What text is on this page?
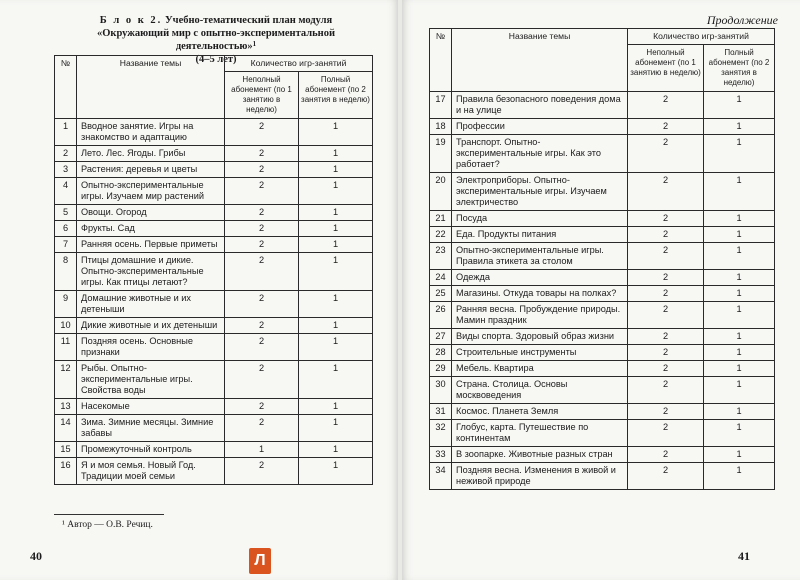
Б л о к 2. Учебно-тематический план модуля
«Окружающий мир с опытно-экспериментальной деятельностью»$^1$
(4–5 лет)
№	Название темы	Количество игр-занятий	
		Неполный абонемент (по 1 занятию в неделю)	Полный абонемент (по 2 занятия в неделю)
1	Вводное занятие. Игры на знакомство и адаптацию	2	1
2	Лето. Лес. Ягоды. Грибы	2	1
3	Растения: деревья и цветы	2	1
4	Опытно-экспериментальные игры. Изучаем мир растений	2	1
5	Овощи. Огород	2	1
6	Фрукты. Сад	2	1
7	Ранняя осень. Первые приметы	2	1
8	Птицы домашние и дикие. Опытно-экспериментальные игры. Как птицы летают?	2	1
9	Домашние животные и их детеныши	2	1
10	Дикие животные и их детеныши	2	1
11	Поздняя осень. Основные признаки	2	1
12	Рыбы. Опытно-экспериментальные игры. Свойства воды	2	1
13	Насекомые	2	1
14	Зима. Зимние месяцы. Зимние забавы	2	1
15	Промежуточный контроль	1	1
16	Я и моя семья. Новый Год. Традиции моей семьи	2	1
¹ Автор — О.В. Речиц.
40
Продолжение
№	Название темы	Количество игр-занятий	
		Неполный абонемент (по 1 занятию в неделю)	Полный абонемент (по 2 занятия в неделю)
17	Правила безопасного поведения дома и на улице	2	1
18	Профессии	2	1
19	Транспорт. Опытно-экспериментальные игры. Как это работает?	2	1
20	Электроприборы. Опытно-экспериментальные игры. Изучаем электричество	2	1
21	Посуда	2	1
22	Еда. Продукты питания	2	1
23	Опытно-экспериментальные игры. Правила этикета за столом	2	1
24	Одежда	2	1
25	Магазины. Откуда товары на полках?	2	1
26	Ранняя весна. Пробуждение природы. Мамин праздник	2	1
27	Виды спорта. Здоровый образ жизни	2	1
28	Строительные инструменты	2	1
29	Мебель. Квартира	2	1
30	Страна. Столица. Основы москвоведения	2	1
31	Космос. Планета Земля	2	1
32	Глобус, карта. Путешествие по континентам	2	1
33	В зоопарке. Животные разных стран	2	1
34	Поздняя весна. Изменения в живой и неживой природе	2	1
41
Л
